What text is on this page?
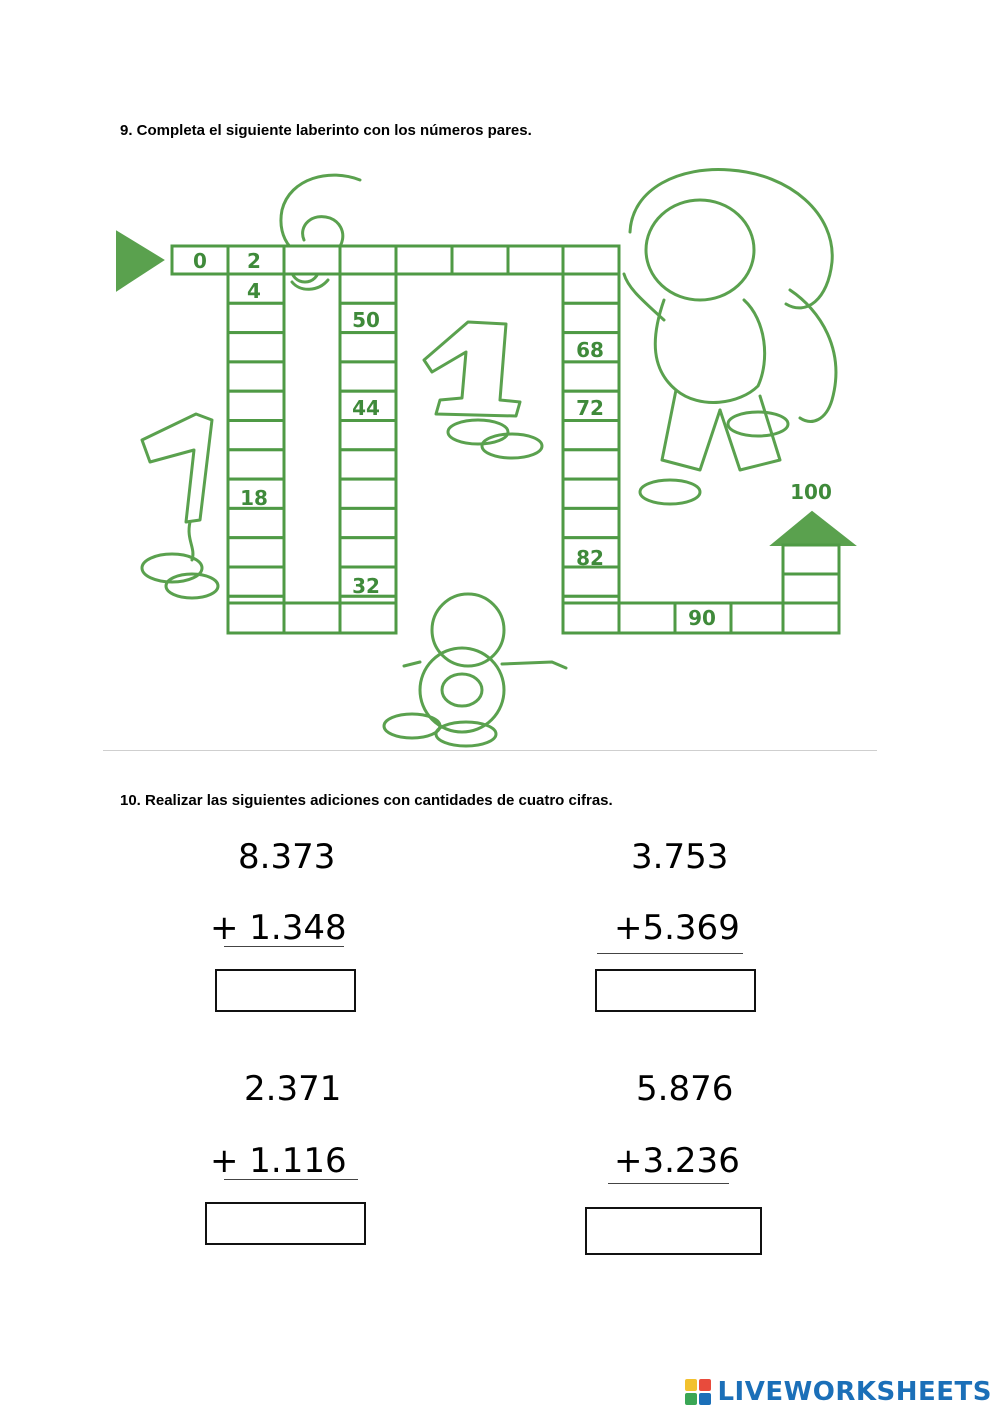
9. Completa el siguiente laberinto con los números pares.
0 2
4
50
68
44	72
18
82
32
90
100
10. Realizar las siguientes adiciones con cantidades de cuatro cifras.
8.373
+ 1.348
3.753
+5.369
2.371
+ 1.116
5.876
+3.236
LIVEWORKSHEETS
